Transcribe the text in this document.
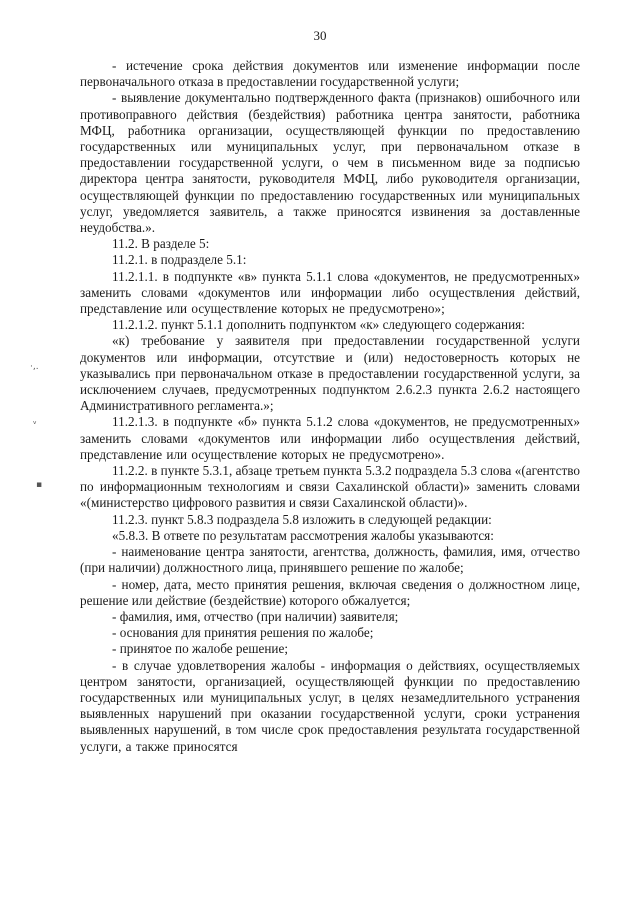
30
·,.
ᵛ
▪

- истечение срока действия документов или изменение информации после первоначального отказа в предоставлении государственной услуги;

- выявление документально подтвержденного факта (признаков) ошибочного или противоправного действия (бездействия) работника центра занятости, работника МФЦ, работника организации, осуществляющей функции по предоставлению государственных или муниципальных услуг, при первоначальном отказе в предоставлении государственной услуги, о чем в письменном виде за подписью директора центра занятости, руководителя МФЦ, либо руководителя организации, осуществляющей функции по предоставлению государственных или муниципальных услуг, уведомляется заявитель, а также приносятся извинения за доставленные неудобства.».

11.2. В разделе 5:

11.2.1. в подразделе 5.1:

11.2.1.1. в подпункте «в» пункта 5.1.1 слова «документов, не предусмотренных» заменить словами «документов или информации либо осуществления действий, представление или осуществление которых не предусмотрено»;

11.2.1.2. пункт 5.1.1 дополнить подпунктом «к» следующего содержания:

«к) требование у заявителя при предоставлении государственной услуги документов или информации, отсутствие и (или) недостоверность которых не указывались при первоначальном отказе в предоставлении государственной услуги, за исключением случаев, предусмотренных подпунктом 2.6.2.3 пункта 2.6.2 настоящего Административного регламента.»;

11.2.1.3. в подпункте «б» пункта 5.1.2 слова «документов, не предусмотренных» заменить словами «документов или информации либо осуществления действий, представление или осуществление которых не предусмотрено».

11.2.2. в пункте 5.3.1, абзаце третьем пункта 5.3.2 подраздела 5.3 слова «(агентство по информационным технологиям и связи Сахалинской области)» заменить словами «(министерство цифрового развития и связи Сахалинской области)».

11.2.3. пункт 5.8.3 подраздела 5.8 изложить в следующей редакции:

«5.8.3. В ответе по результатам рассмотрения жалобы указываются:

- наименование центра занятости, агентства, должность, фамилия, имя, отчество (при наличии) должностного лица, принявшего решение по жалобе;

- номер, дата, место принятия решения, включая сведения о должностном лице, решение или действие (бездействие) которого обжалуется;

- фамилия, имя, отчество (при наличии) заявителя;

- основания для принятия решения по жалобе;

- принятое по жалобе решение;

- в случае удовлетворения жалобы - информация о действиях, осуществляемых центром занятости, организацией, осуществляющей функции по предоставлению государственных или муниципальных услуг, в целях незамедлительного устранения выявленных нарушений при оказании государственной услуги, сроки устранения выявленных нарушений, в том числе срок предоставления результата государственной услуги, а также приносятся
